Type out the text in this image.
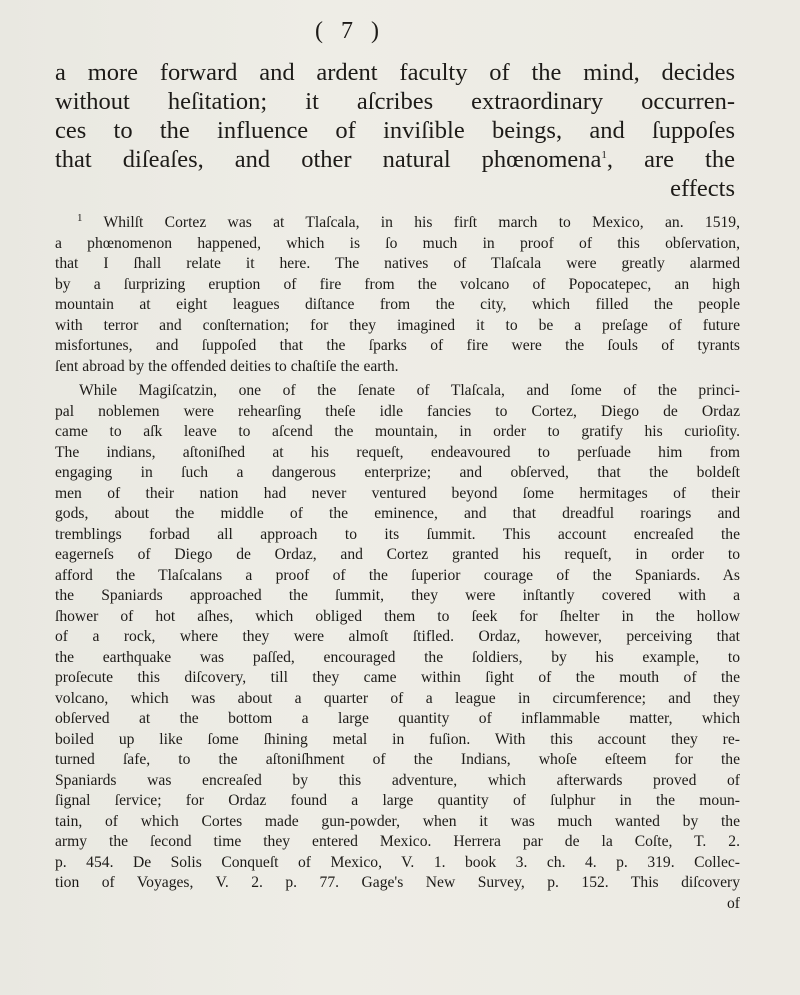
( 7 )
a more forward and ardent faculty of the mind, decides
without heſitation; it aſcribes extraordinary occurren-
ces to the influence of inviſible beings, and ſuppoſes
that diſeaſes, and other natural phœnomena$^1$, are the
effects
$^1$ Whilſt Cortez was at Tlaſcala, in his firſt march to Mexico, an. 1519,
a phœnomenon happened, which is ſo much in proof of this obſervation,
that I ſhall relate it here. The natives of Tlaſcala were greatly alarmed
by a ſurprizing eruption of fire from the volcano of Popocatepec, an high
mountain at eight leagues diſtance from the city, which filled the people
with terror and conſternation; for they imagined it to be a preſage of future
misfortunes, and ſuppoſed that the ſparks of fire were the ſouls of tyrants
ſent abroad by the offended deities to chaſtiſe the earth.
While Magiſcatzin, one of the ſenate of Tlaſcala, and ſome of the princi-
pal noblemen were rehearſing theſe idle fancies to Cortez, Diego de Ordaz
came to aſk leave to aſcend the mountain, in order to gratify his curioſity.
The indians, aſtoniſhed at his requeſt, endeavoured to perſuade him from
engaging in ſuch a dangerous enterprize; and obſerved, that the boldeſt
men of their nation had never ventured beyond ſome hermitages of their
gods, about the middle of the eminence, and that dreadful roarings and
tremblings forbad all approach to its ſummit. This account encreaſed the
eagerneſs of Diego de Ordaz, and Cortez granted his requeſt, in order to
afford the Tlaſcalans a proof of the ſuperior courage of the Spaniards. As
the Spaniards approached the ſummit, they were inſtantly covered with a
ſhower of hot aſhes, which obliged them to ſeek for ſhelter in the hollow
of a rock, where they were almoſt ſtifled. Ordaz, however, perceiving that
the earthquake was paſſed, encouraged the ſoldiers, by his example, to
proſecute this diſcovery, till they came within ſight of the mouth of the
volcano, which was about a quarter of a league in circumference; and they
obſerved at the bottom a large quantity of inflammable matter, which
boiled up like ſome ſhining metal in fuſion. With this account they re-
turned ſafe, to the aſtoniſhment of the Indians, whoſe eſteem for the
Spaniards was encreaſed by this adventure, which afterwards proved of
ſignal ſervice; for Ordaz found a large quantity of ſulphur in the moun-
tain, of which Cortes made gun-powder, when it was much wanted by the
army the ſecond time they entered Mexico. Herrera par de la Coſte, T. 2.
p. 454. De Solis Conqueſt of Mexico, V. 1. book 3. ch. 4. p. 319. Collec-
tion of Voyages, V. 2. p. 77. Gage's New Survey, p. 152. This diſcovery
of
